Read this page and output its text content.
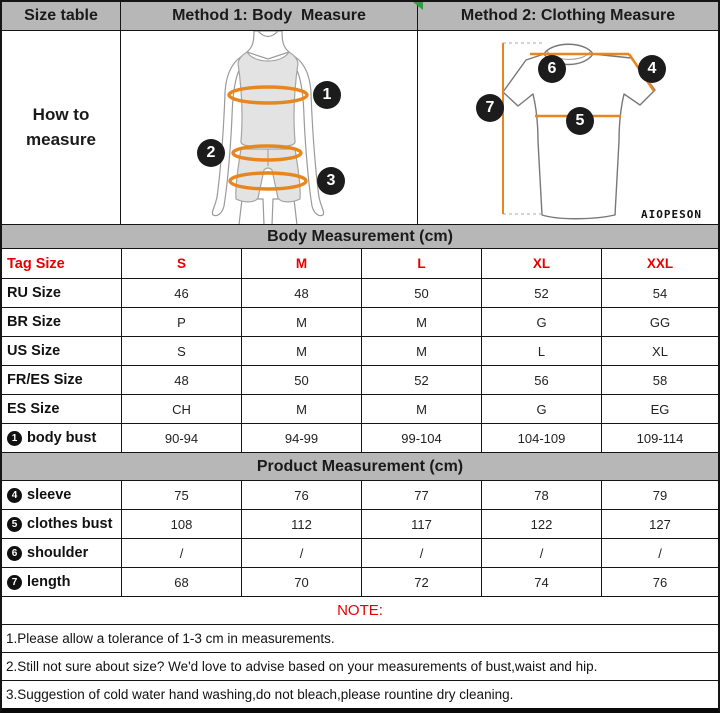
Size table	Method 1: Body  Measure	Method 2: Clothing Measure
How to measure
1
2
3
6	4
7
5
AIOPESON
Body Measurement (cm)
Tag Size	S	M	L	XL	XXL
RU Size	46	48	50	52	54
BR Size	P	M	M	G	GG
US Size	S	M	M	L	XL
FR/ES Size	48	50	52	56	58
ES Size	CH	M	M	G	EG
1 body bust	90-94	94-99	99-104	104-109	109-114
Product Measurement (cm)
4 sleeve	75	76	77	78	79
5 clothes bust	108	112	117	122	127
6 shoulder	/	/	/	/	/
7 length	68	70	72	74	76
NOTE:
1.Please allow a tolerance of 1-3 cm in measurements.
2.Still not sure about size? We'd love to advise based on your measurements of bust,waist and hip.
3.Suggestion of cold water hand washing,do not bleach,please rountine dry cleaning.
